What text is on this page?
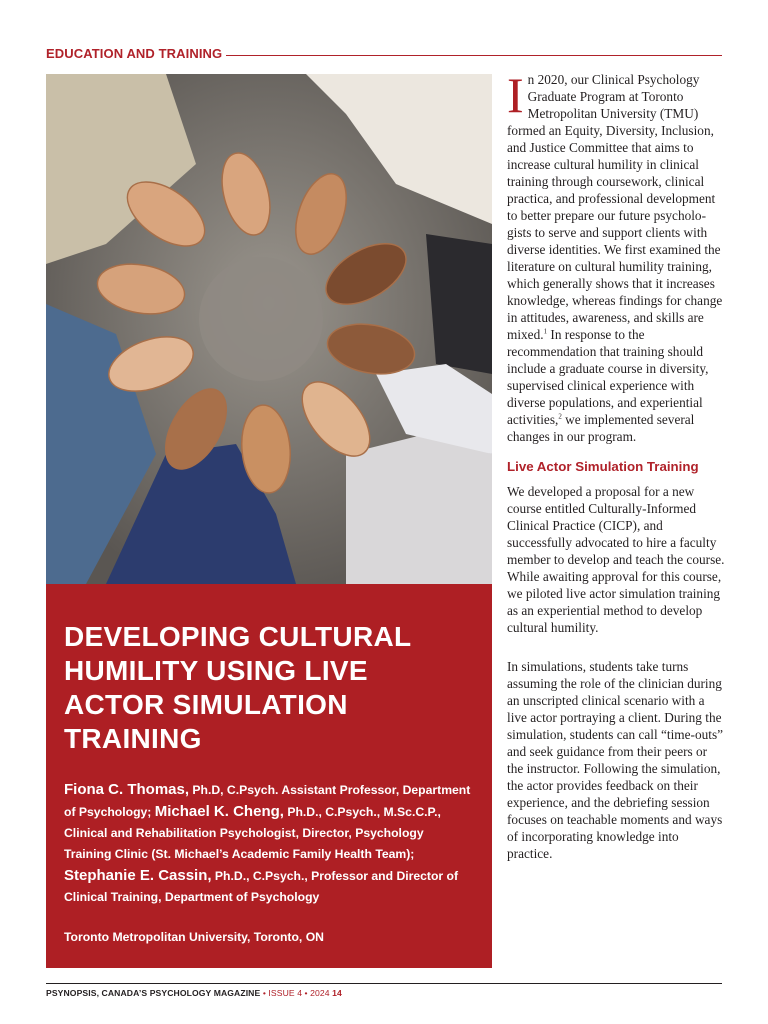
EDUCATION AND TRAINING
DEVELOPING CULTURAL HUMILITY USING LIVE ACTOR SIMULATION TRAINING
Fiona C. Thomas, Ph.D, C.Psych. Assistant Professor, Department of Psychology; Michael K. Cheng, Ph.D., C.Psych., M.Sc.C.P., Clinical and Rehabilitation Psychologist, Director, Psychology Training Clinic (St. Michael’s Academic Family Health Team); Stephanie E. Cassin, Ph.D., C.Psych., Professor and Director of Clinical Training, Department of Psychology
Toronto Metropolitan University, Toronto, ON

In 2020, our Clinical Psychology Graduate Program at Toronto Metropolitan University (TMU) formed an Equity, Diversity, Inclusion, and Justice Committee that aims to increase cultural humility in clinical training through coursework, clinical practica, and professional development to better prepare our future psychologists to serve and support clients with diverse identities. We first examined the literature on cultural humility training, which generally shows that it increases knowledge, whereas findings for change in attitudes, awareness, and skills are mixed.$^1$ In response to the recommendation that training should include a graduate course in diversity, supervised clinical experience with diverse populations, and experiential activities,$^2$ we implemented several changes in our program.

Live Actor Simulation Training

We developed a proposal for a new course entitled Culturally-Informed Clinical Practice (CICP), and successfully advocated to hire a faculty member to develop and teach the course. While awaiting approval for this course, we piloted live actor simulation training as an experiential method to develop cultural humility.

In simulations, students take turns assuming the role of the clinician during an unscripted clinical scenario with a live actor portraying a client. During the simulation, students can call “time-outs” and seek guidance from their peers or the instructor. Following the simulation, the actor provides feedback on their experience, and the debriefing session focuses on teachable moments and ways of incorporating knowledge into practice.

PSYNOPSIS, CANADA’S PSYCHOLOGY MAGAZINE • ISSUE 4 • 2024 14
